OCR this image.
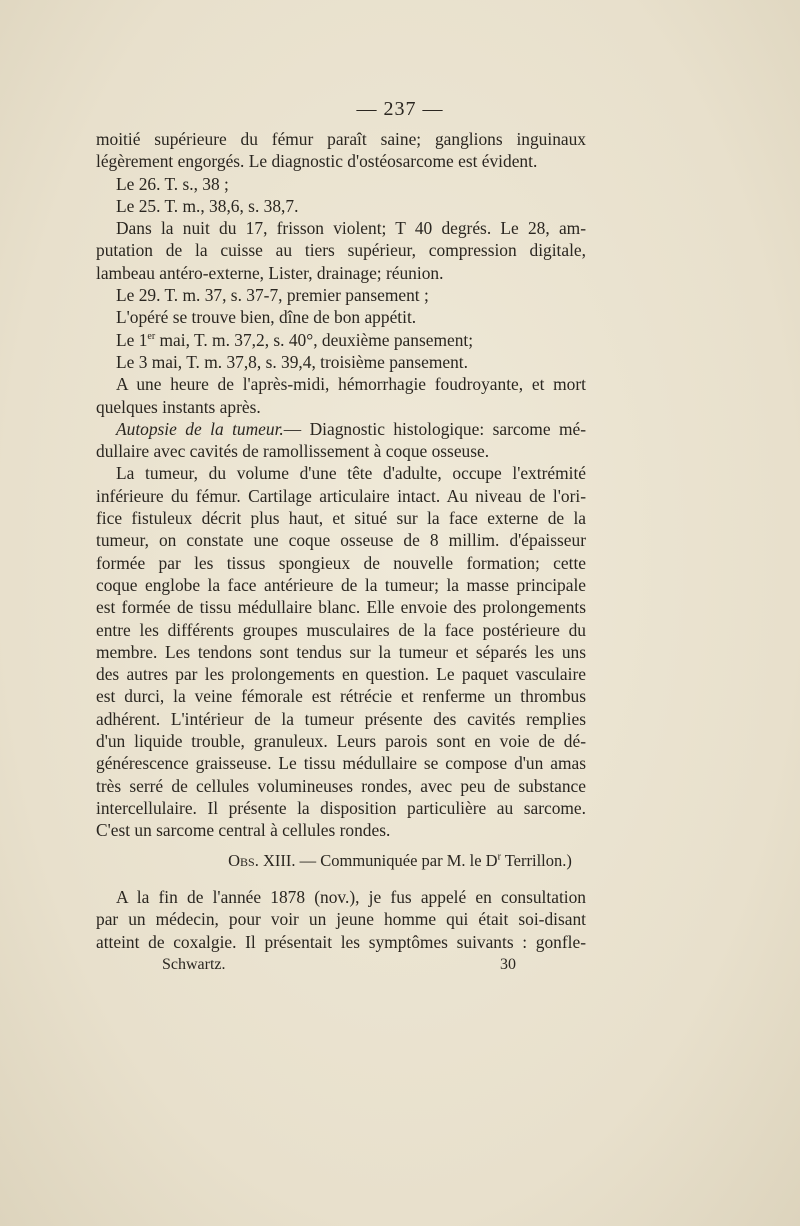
— 237 —
moitié supérieure du fémur paraît saine; ganglions inguinaux
légèrement engorgés. Le diagnostic d'ostéosarcome est évident.
Le 26. T. s., 38 ;
Le 25. T. m., 38,6, s. 38,7.
Dans la nuit du 17, frisson violent; T 40 degrés. Le 28, am-
putation de la cuisse au tiers supérieur, compression digitale,
lambeau antéro-externe, Lister, drainage; réunion.
Le 29. T. m. 37, s. 37-7, premier pansement ;
L'opéré se trouve bien, dîne de bon appétit.
Le 1er mai, T. m. 37,2, s. 40°, deuxième pansement;
Le 3 mai, T. m. 37,8, s. 39,4, troisième pansement.
A une heure de l'après-midi, hémorrhagie foudroyante, et mort
quelques instants après.
Autopsie de la tumeur.— Diagnostic histologique: sarcome mé-
dullaire avec cavités de ramollissement à coque osseuse.
La tumeur, du volume d'une tête d'adulte, occupe l'extrémité
inférieure du fémur. Cartilage articulaire intact. Au niveau de l'ori-
fice fistuleux décrit plus haut, et situé sur la face externe de la
tumeur, on constate une coque osseuse de 8 millim. d'épaisseur
formée par les tissus spongieux de nouvelle formation; cette
coque englobe la face antérieure de la tumeur; la masse principale
est formée de tissu médullaire blanc. Elle envoie des prolongements
entre les différents groupes musculaires de la face postérieure du
membre. Les tendons sont tendus sur la tumeur et séparés les uns
des autres par les prolongements en question. Le paquet vasculaire
est durci, la veine fémorale est rétrécie et renferme un thrombus
adhérent. L'intérieur de la tumeur présente des cavités remplies
d'un liquide trouble, granuleux. Leurs parois sont en voie de dé-
générescence graisseuse. Le tissu médullaire se compose d'un amas
très serré de cellules volumineuses rondes, avec peu de substance
intercellulaire. Il présente la disposition particulière au sarcome.
C'est un sarcome central à cellules rondes.
Obs. XIII. — Communiquée par M. le $D^r$ Terrillon.)
A la fin de l'année 1878 (nov.), je fus appelé en consultation
par un médecin, pour voir un jeune homme qui était soi-disant
atteint de coxalgie. Il présentait les symptômes suivants : gonfle-
Schwartz.	30
